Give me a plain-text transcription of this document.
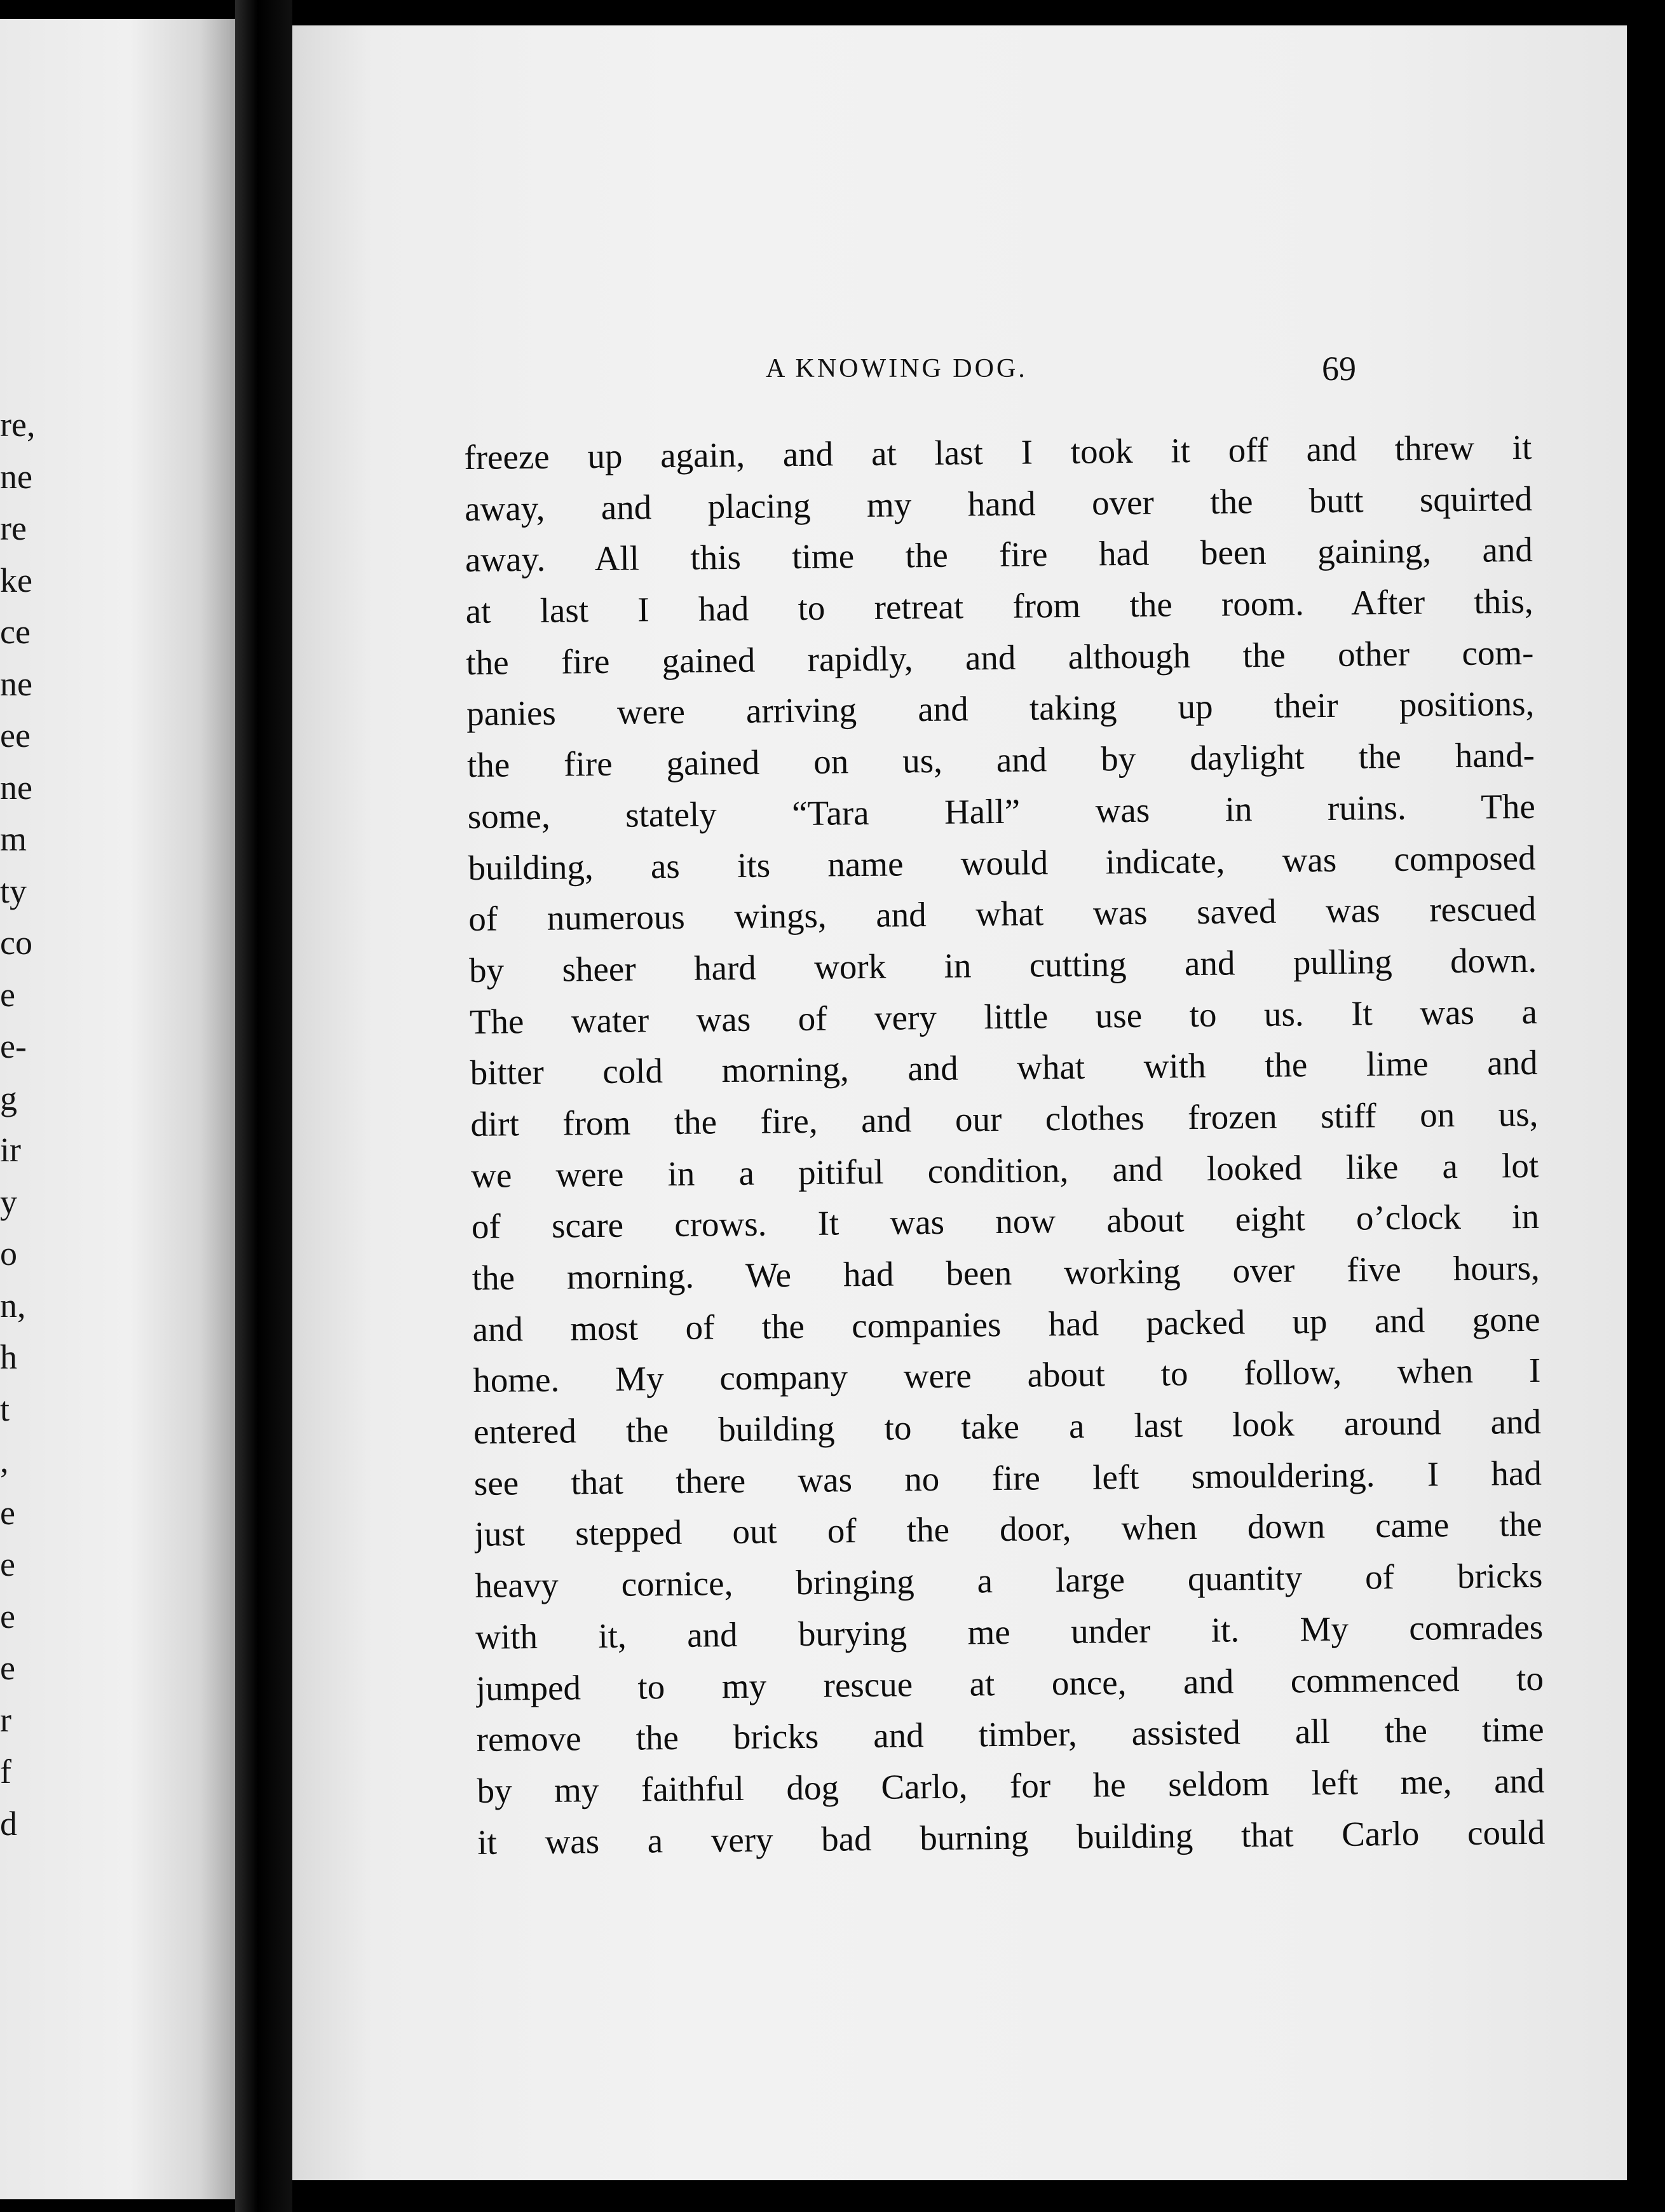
re,
ne
re
ke
ce
ne
ee
ne
m
ty
co
e
e-
g
ir
y
o
n,
h
t
,
e
e
e
e
r
f
d
A KNOWING DOG.	69
freeze up again, and at last I took it off and threw it
away, and placing my hand over the butt squirted
away. All this time the fire had been gaining, and
at last I had to retreat from the room. After this,
the fire gained rapidly, and although the other com-
panies were arriving and taking up their positions,
the fire gained on us, and by daylight the hand-
some, stately “Tara Hall” was in ruins. The
building, as its name would indicate, was composed
of numerous wings, and what was saved was rescued
by sheer hard work in cutting and pulling down.
The water was of very little use to us. It was a
bitter cold morning, and what with the lime and
dirt from the fire, and our clothes frozen stiff on us,
we were in a pitiful condition, and looked like a lot
of scare crows. It was now about eight o’clock in
the morning. We had been working over five hours,
and most of the companies had packed up and gone
home. My company were about to follow, when I
entered the building to take a last look around and
see that there was no fire left smouldering. I had
just stepped out of the door, when down came the
heavy cornice, bringing a large quantity of bricks
with it, and burying me under it. My comrades
jumped to my rescue at once, and commenced to
remove the bricks and timber, assisted all the time
by my faithful dog Carlo, for he seldom left me, and
it was a very bad burning building that Carlo could
